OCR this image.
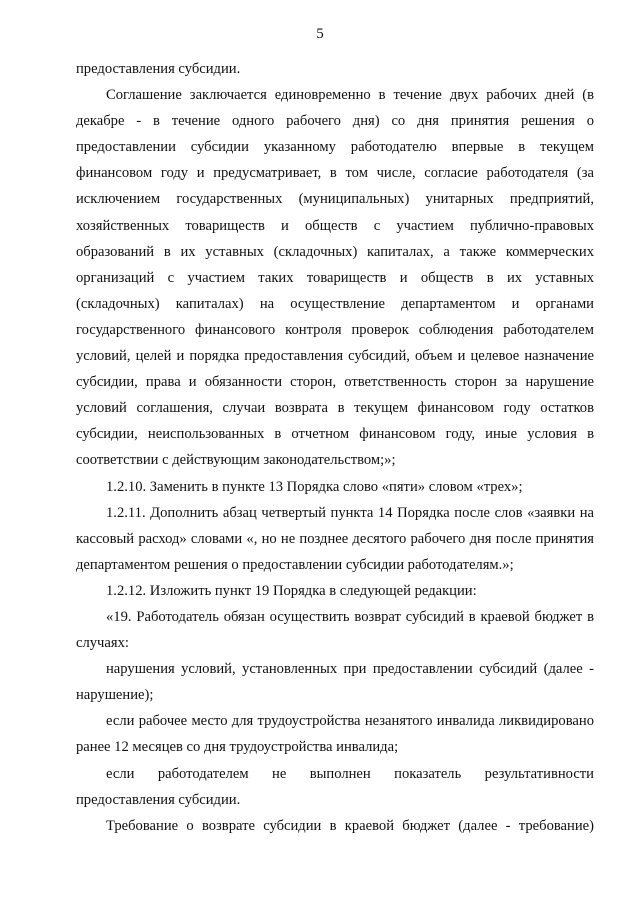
5

предоставления субсидии.

Соглашение заключается единовременно в течение двух рабочих дней (в декабре - в течение одного рабочего дня) со дня принятия решения о предоставлении субсидии указанному работодателю впервые в текущем финансовом году и предусматривает, в том числе, согласие работодателя (за исключением государственных (муниципальных) унитарных предприятий, хозяйственных товариществ и обществ с участием публично-правовых образований в их уставных (складочных) капиталах, а также коммерческих организаций с участием таких товариществ и обществ в их уставных (складочных) капиталах) на осуществление департаментом и органами государственного финансового контроля проверок соблюдения работодателем условий, целей и порядка предоставления субсидий, объем и целевое назначение субсидии, права и обязанности сторон, ответственность сторон за нарушение условий соглашения, случаи возврата в текущем финансовом году остатков субсидии, неиспользованных в отчетном финансовом году, иные условия в соответствии с действующим законодательством;»;

1.2.10. Заменить в пункте 13 Порядка слово «пяти» словом «трех»;

1.2.11. Дополнить абзац четвертый пункта 14 Порядка после слов «заявки на кассовый расход» словами «, но не позднее десятого рабочего дня после принятия департаментом решения о предоставлении субсидии работодателям.»;

1.2.12. Изложить пункт 19 Порядка в следующей редакции:

«19. Работодатель обязан осуществить возврат субсидий в краевой бюджет в случаях:

нарушения условий, установленных при предоставлении субсидий (далее - нарушение);

если рабочее место для трудоустройства незанятого инвалида ликвидировано ранее 12 месяцев со дня трудоустройства инвалида;

если работодателем не выполнен показатель результативности предоставления субсидии.

Требование о возврате субсидии в краевой бюджет (далее - требование)
